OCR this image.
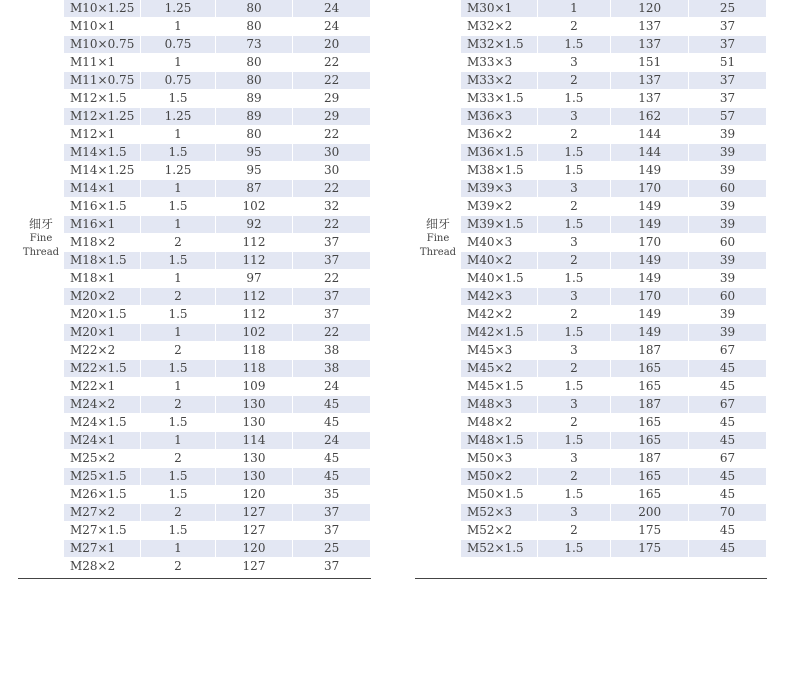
细牙
Fine
Thread
M10×1.25	1.25	80	24
M10×1	1	80	24
M10×0.75	0.75	73	20
M11×1	1	80	22
M11×0.75	0.75	80	22
M12×1.5	1.5	89	29
M12×1.25	1.25	89	29
M12×1	1	80	22
M14×1.5	1.5	95	30
M14×1.25	1.25	95	30
M14×1	1	87	22
M16×1.5	1.5	102	32
M16×1	1	92	22
M18×2	2	112	37
M18×1.5	1.5	112	37
M18×1	1	97	22
M20×2	2	112	37
M20×1.5	1.5	112	37
M20×1	1	102	22
M22×2	2	118	38
M22×1.5	1.5	118	38
M22×1	1	109	24
M24×2	2	130	45
M24×1.5	1.5	130	45
M24×1	1	114	24
M25×2	2	130	45
M25×1.5	1.5	130	45
M26×1.5	1.5	120	35
M27×2	2	127	37
M27×1.5	1.5	127	37
M27×1	1	120	25
M28×2	2	127	37
细牙
Fine
Thread
M30×1	1	120	25
M32×2	2	137	37
M32×1.5	1.5	137	37
M33×3	3	151	51
M33×2	2	137	37
M33×1.5	1.5	137	37
M36×3	3	162	57
M36×2	2	144	39
M36×1.5	1.5	144	39
M38×1.5	1.5	149	39
M39×3	3	170	60
M39×2	2	149	39
M39×1.5	1.5	149	39
M40×3	3	170	60
M40×2	2	149	39
M40×1.5	1.5	149	39
M42×3	3	170	60
M42×2	2	149	39
M42×1.5	1.5	149	39
M45×3	3	187	67
M45×2	2	165	45
M45×1.5	1.5	165	45
M48×3	3	187	67
M48×2	2	165	45
M48×1.5	1.5	165	45
M50×3	3	187	67
M50×2	2	165	45
M50×1.5	1.5	165	45
M52×3	3	200	70
M52×2	2	175	45
M52×1.5	1.5	175	45
